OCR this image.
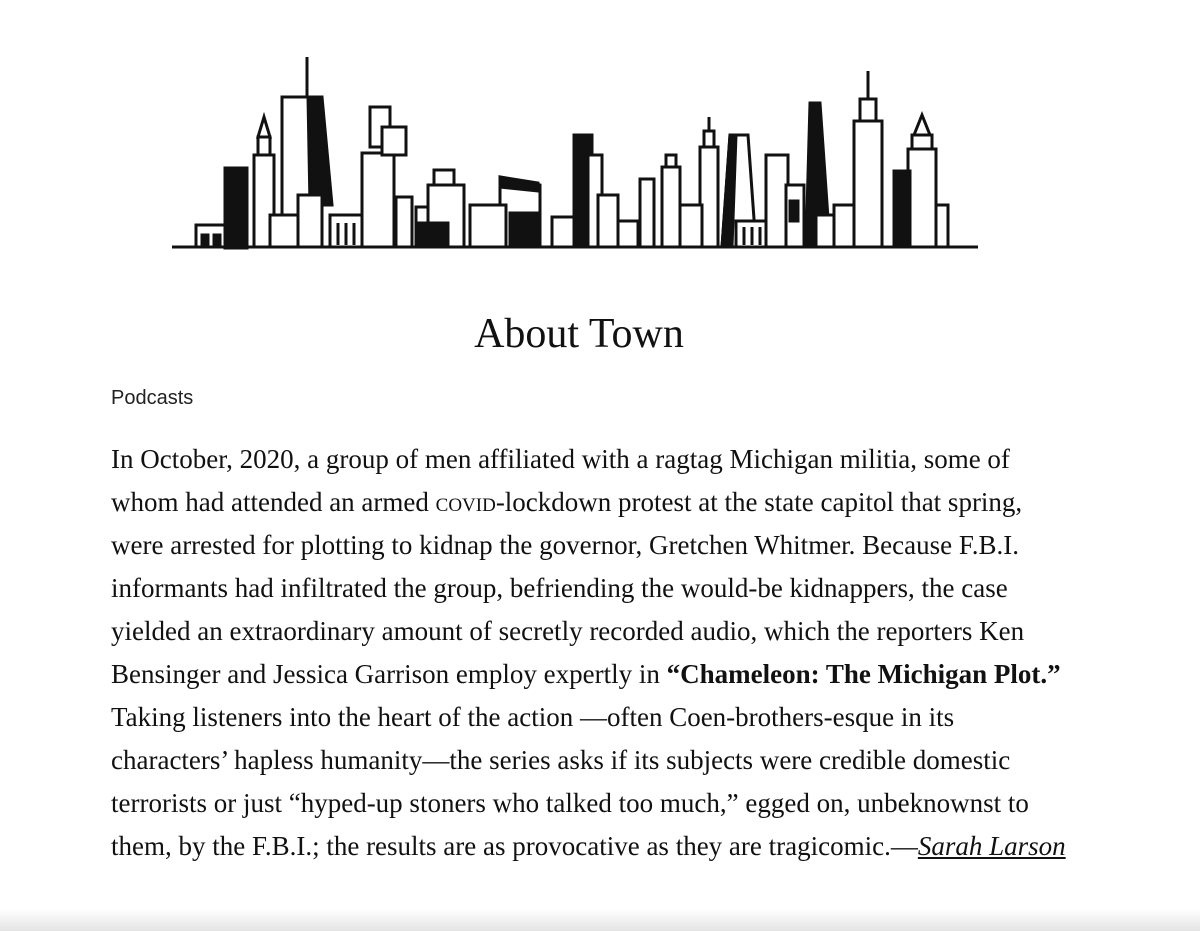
About Town
Podcasts

In October, 2020, a group of men affiliated with a ragtag Michigan militia, some of whom had attended an armed covid-lockdown protest at the state capitol that spring, were arrested for plotting to kidnap the governor, Gretchen Whitmer. Because F.B.I. informants had infiltrated the group, befriending the would-be kidnappers, the case yielded an extraordinary amount of secretly recorded audio, which the reporters Ken Bensinger and Jessica Garrison employ expertly in “Chameleon: The Michigan Plot.” Taking listeners into the heart of the action —often Coen-brothers-esque in its characters’ hapless humanity—the series asks if its subjects were credible domestic terrorists or just “hyped-up stoners who talked too much,” egged on, unbeknownst to them, by the F.B.I.; the results are as provocative as they are tragicomic.—Sarah Larson
